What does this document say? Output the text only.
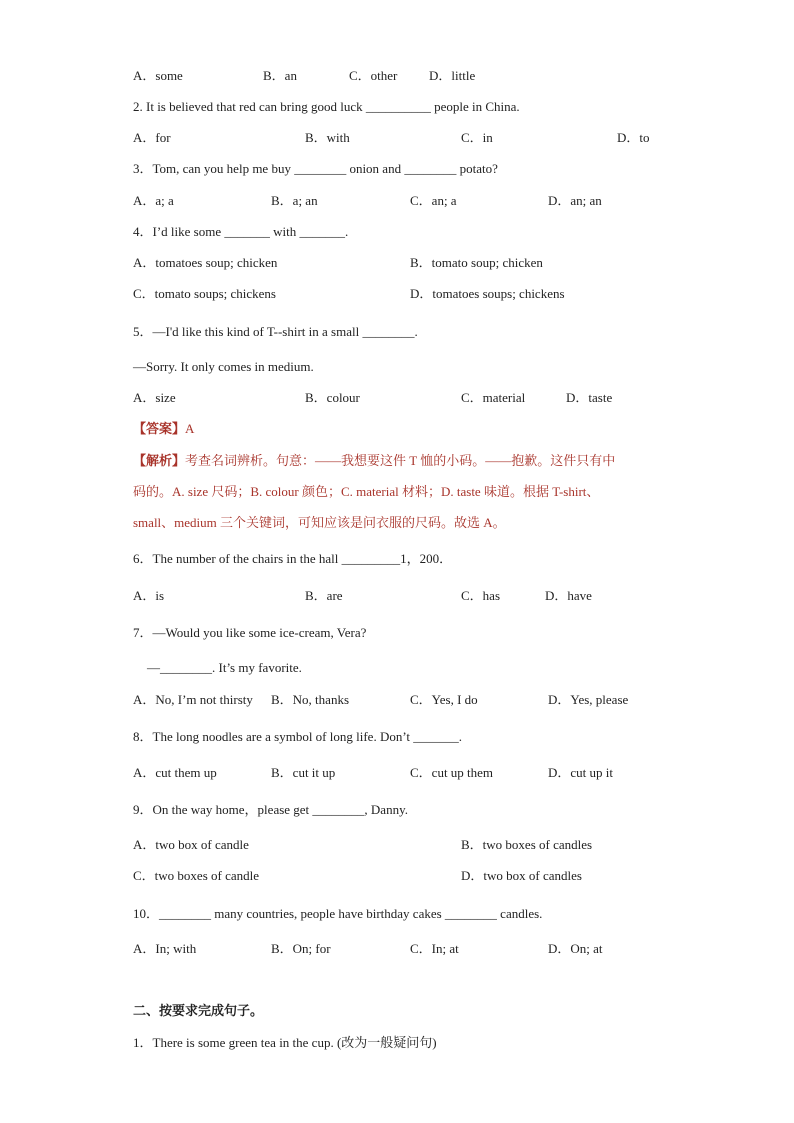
A．some	B．an	C．other D．little
2. It is believed that red can bring good luck __________ people in China.
A．for	B．with	C．in	D．to
3．Tom, can you help me buy ________ onion and ________ potato?
A．a; a	B．a; an	C．an; a	D．an; an
4．I’d like some _______ with _______.
A．tomatoes soup; chicken	B．tomato soup; chicken
C．tomato soups; chickens	D．tomatoes soups; chickens
5．—I'd like this kind of T--shirt in a small ________.
—Sorry. It only comes in medium.
A．size	B．colour	C．material	D．taste
【答案】A
【解析】考查名词辨析。句意：——我想要这件 T 恤的小码。——抱歉。这件只有中
码的。A. size 尺码；B. colour 颜色；C. material 材料；D. taste 味道。根据 T-shirt、
small、medium 三个关键词，可知应该是问衣服的尺码。故选 A。
6．The number of the chairs in the hall _________1，200．
A．is	B．are	C．has	D．have
7．—Would you like some ice-cream, Vera?
—________. It’s my favorite.
A．No, I’m not thirsty B．No, thanks	C．Yes, I do	D．Yes, please
8．The long noodles are a symbol of long life. Don’t _______.
A．cut them up	B．cut it up	C．cut up them	D．cut up it
9．On the way home，please get ________, Danny.
A．two box of candle	B．two boxes of candles
C．two boxes of candle	D．two box of candles
10．________ many countries, people have birthday cakes ________ candles.
A．In; with	B．On; for	C．In; at	D．On; at
二、按要求完成句子。
1．There is some green tea in the cup. (改为一般疑问句)
